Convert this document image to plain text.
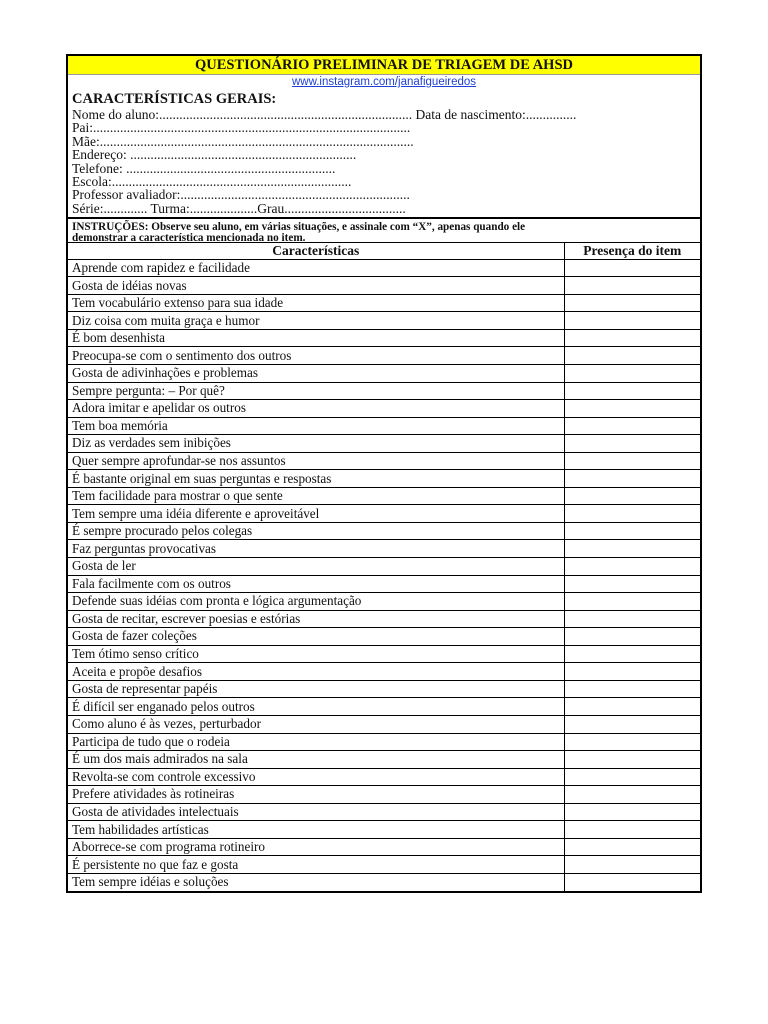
QUESTIONÁRIO PRELIMINAR DE TRIAGEM DE AHSD
www.instagram.com/janafigueiredos
CARACTERÍSTICAS GERAIS:
Nome do aluno:........................................................................... Data de nascimento:...............
Pai:..............................................................................................
Mãe:.............................................................................................
Endereço: ...................................................................
Telefone: ..............................................................
Escola:.......................................................................
Professor avaliador:....................................................................
Série:............. Turma:....................Grau....................................
INSTRUÇÕES: Observe seu aluno, em várias situações, e assinale com “X”, apenas quando ele
demonstrar a característica mencionada no item.
Características	Presença do item
Aprende com rapidez e facilidade	
Gosta de idéias novas	
Tem vocabulário extenso para sua idade	
Diz coisa com muita graça e humor	
É bom desenhista	
Preocupa-se com o sentimento dos outros	
Gosta de adivinhações e problemas	
Sempre pergunta: – Por quê?	
Adora imitar e apelidar os outros	
Tem boa memória	
Diz as verdades sem inibições	
Quer sempre aprofundar-se nos assuntos	
É bastante original em suas perguntas e respostas	
Tem facilidade para mostrar o que sente	
Tem sempre uma idéia diferente e aproveitável	
É sempre procurado pelos colegas	
Faz perguntas provocativas	
Gosta de ler	
Fala facilmente com os outros	
Defende suas idéias com pronta e lógica argumentação	
Gosta de recitar, escrever poesias e estórias	
Gosta de fazer coleções	
Tem ótimo senso crítico	
Aceita e propõe desafios	
Gosta de representar papéis	
É difícil ser enganado pelos outros	
Como aluno é às vezes, perturbador	
Participa de tudo que o rodeia	
É um dos mais admirados na sala	
Revolta-se com controle excessivo	
Prefere atividades às rotineiras	
Gosta de atividades intelectuais	
Tem habilidades artísticas	
Aborrece-se com programa rotineiro	
É persistente no que faz e gosta	
Tem sempre idéias e soluções	
